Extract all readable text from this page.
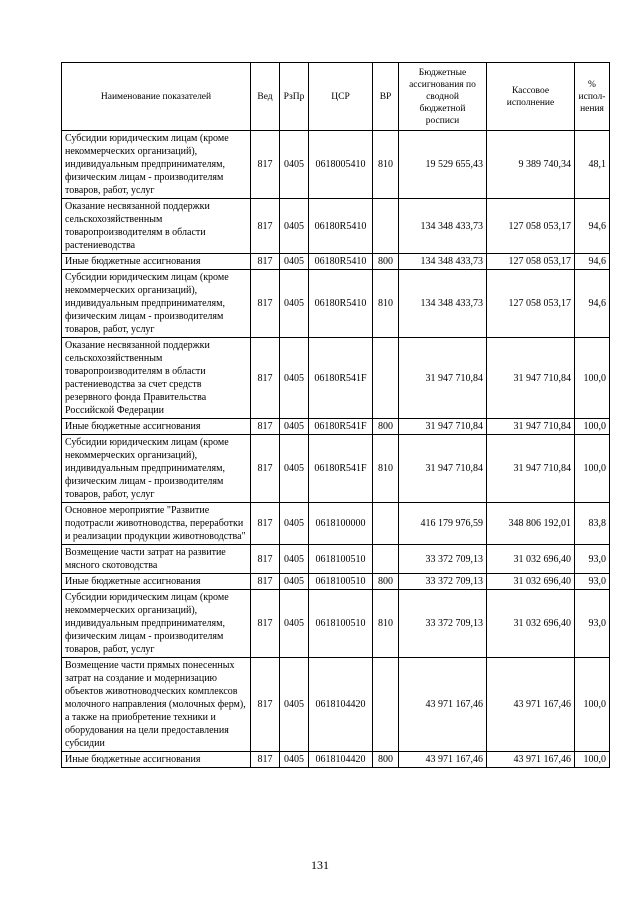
Наименование показателей	Вед	РзПр	ЦСР	ВР	Бюджетные ассигнования по сводной бюджетной росписи	Кассовое исполнение	% испол-нения
Субсидии юридическим лицам (кроме некоммерческих организаций), индивидуальным предпринимателям, физическим лицам - производителям товаров, работ, услуг	817	0405	0618005410	810	19 529 655,43	9 389 740,34	48,1
Оказание несвязанной поддержки сельскохозяйственным товаропроизводителям в области растениеводства	817	0405	06180R5410		134 348 433,73	127 058 053,17	94,6
Иные бюджетные ассигнования	817	0405	06180R5410	800	134 348 433,73	127 058 053,17	94,6
Субсидии юридическим лицам (кроме некоммерческих организаций), индивидуальным предпринимателям, физическим лицам - производителям товаров, работ, услуг	817	0405	06180R5410	810	134 348 433,73	127 058 053,17	94,6
Оказание несвязанной поддержки сельскохозяйственным товаропроизводителям в области растениеводства за счет средств резервного фонда Правительства Российской Федерации	817	0405	06180R541F		31 947 710,84	31 947 710,84	100,0
Иные бюджетные ассигнования	817	0405	06180R541F	800	31 947 710,84	31 947 710,84	100,0
Субсидии юридическим лицам (кроме некоммерческих организаций), индивидуальным предпринимателям, физическим лицам - производителям товаров, работ, услуг	817	0405	06180R541F	810	31 947 710,84	31 947 710,84	100,0
Основное мероприятие "Развитие подотрасли животноводства, переработки и реализации продукции животноводства"	817	0405	0618100000		416 179 976,59	348 806 192,01	83,8
Возмещение части затрат на развитие мясного скотоводства	817	0405	0618100510		33 372 709,13	31 032 696,40	93,0
Иные бюджетные ассигнования	817	0405	0618100510	800	33 372 709,13	31 032 696,40	93,0
Субсидии юридическим лицам (кроме некоммерческих организаций), индивидуальным предпринимателям, физическим лицам - производителям товаров, работ, услуг	817	0405	0618100510	810	33 372 709,13	31 032 696,40	93,0
Возмещение части прямых понесенных затрат на создание и модернизацию объектов животноводческих комплексов молочного направления (молочных ферм), а также на приобретение техники и оборудования на цели предоставления субсидии	817	0405	0618104420		43 971 167,46	43 971 167,46	100,0
Иные бюджетные ассигнования	817	0405	0618104420	800	43 971 167,46	43 971 167,46	100,0
131
